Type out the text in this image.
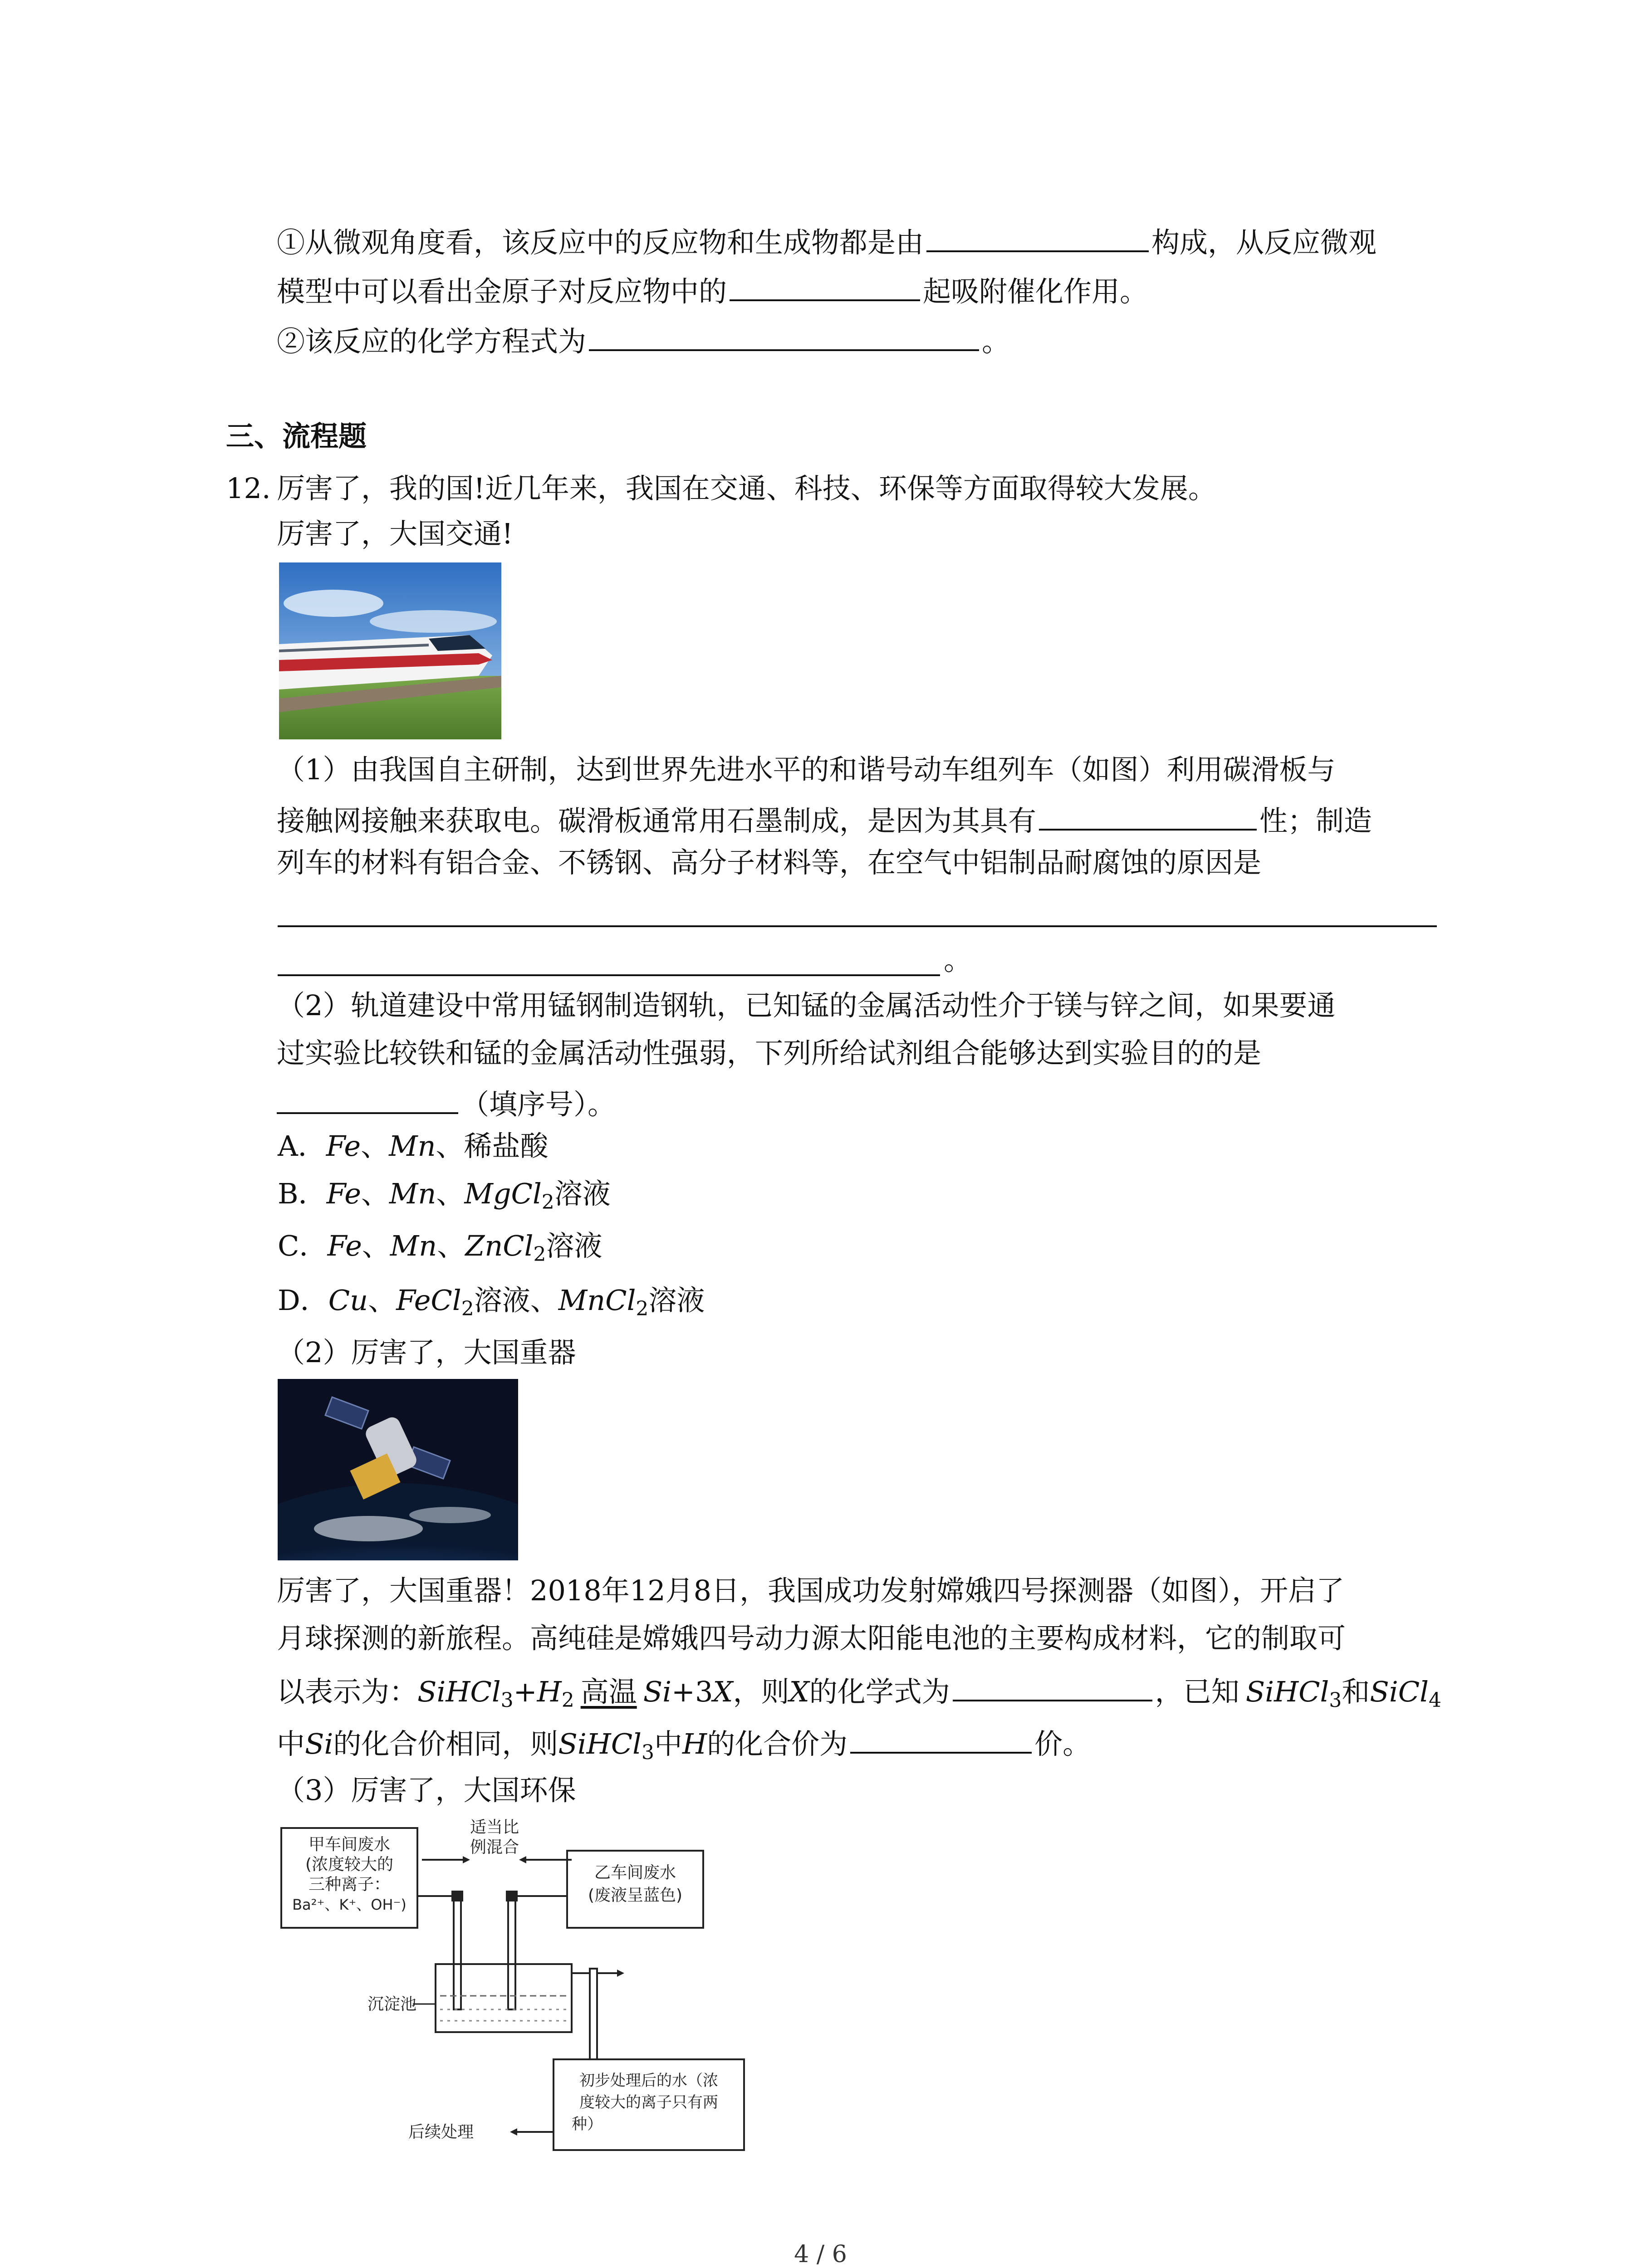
①从微观角度看，该反应中的反应物和生成物都是由	构成，从反应微观
模型中可以看出金原子对反应物中的	起吸附催化作用。
②该反应的化学方程式为	。
三、流程题
12. 厉害了，我的国!近几年来，我国在交通、科技、环保等方面取得较大发展。
厉害了，大国交通!
（1）由我国自主研制，达到世界先进水平的和谐号动车组列车（如图）利用碳滑板与
接触网接触来获取电。碳滑板通常用石墨制成，是因为其具有	性；制造
列车的材料有铝合金、不锈钢、高分子材料等，在空气中铝制品耐腐蚀的原因是
。
（2）轨道建设中常用锰钢制造钢轨，已知锰的金属活动性介于镁与锌之间，如果要通
过实验比较铁和锰的金属活动性强弱，下列所给试剂组合能够达到实验目的的是
（填序号）。
A．Fe、Mn、稀盐酸
B．Fe、Mn、MgCl$_2$溶液
C．Fe、Mn、ZnCl$_2$溶液
D．Cu、FeCl$_2$溶液、MnCl$_2$溶液
（2）厉害了，大国重器
厉害了，大国重器！2018年12月8日，我国成功发射嫦娥四号探测器（如图），开启了
月球探测的新旅程。高纯硅是嫦娥四号动力源太阳能电池的主要构成材料，它的制取可
以表示为：$SiHCl_3+H_2$ 高温 Si+3X，则X的化学式为	，已知 SiHCl$_3$和SiCl$_4$
中Si的化合价相同，则SiHCl$_3$中H的化合价为	价。
（3）厉害了，大国环保
甲车间废水
(浓度较大的
三种离子：
Ba²⁺、K⁺、OH⁻)
适当比
例混合
乙车间废水
(废液呈蓝色)
沉淀池
初步处理后的水（浓
度较大的离子只有两
种）
后续处理
4 / 6
